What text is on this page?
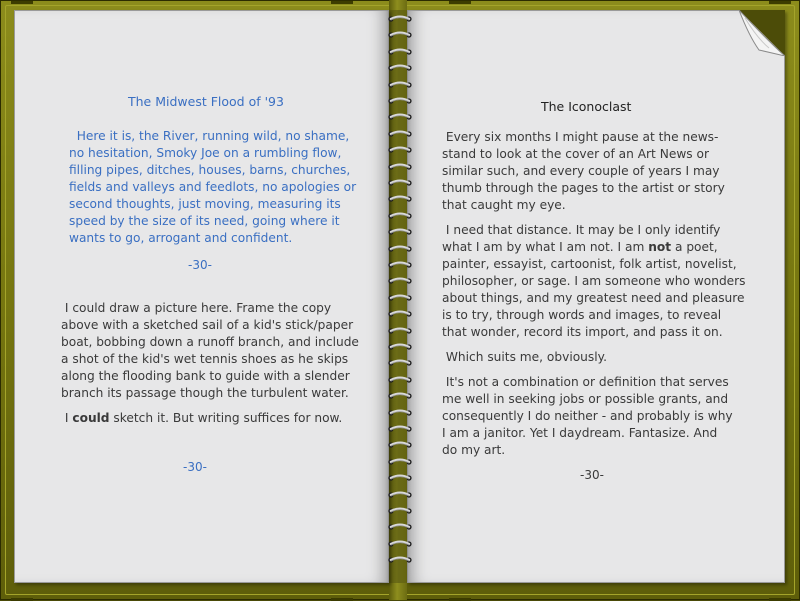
The Midwest Flood of '93
Here it is, the River, running wild, no shame,
no hesitation, Smoky Joe on a rumbling flow,
filling pipes, ditches, houses, barns, churches,
fields and valleys and feedlots, no apologies or
second thoughts, just moving, measuring its
speed by the size of its need, going where it
wants to go, arrogant and confident.
-30-
I could draw a picture here. Frame the copy
above with a sketched sail of a kid's stick/paper
boat, bobbing down a runoff branch, and include
a shot of the kid's wet tennis shoes as he skips
along the flooding bank to guide with a slender
branch its passage though the turbulent water.
I could sketch it. But writing suffices for now.
-30-
The Iconoclast
Every six months I might pause at the news-
stand to look at the cover of an Art News or
similar such, and every couple of years I may
thumb through the pages to the artist or story
that caught my eye.
I need that distance. It may be I only identify
what I am by what I am not. I am not a poet,
painter, essayist, cartoonist, folk artist, novelist,
philosopher, or sage. I am someone who wonders
about things, and my greatest need and pleasure
is to try, through words and images, to reveal
that wonder, record its import, and pass it on.
Which suits me, obviously.
It's not a combination or definition that serves
me well in seeking jobs or possible grants, and
consequently I do neither - and probably is why
I am a janitor. Yet I daydream. Fantasize. And
do my art.
-30-
